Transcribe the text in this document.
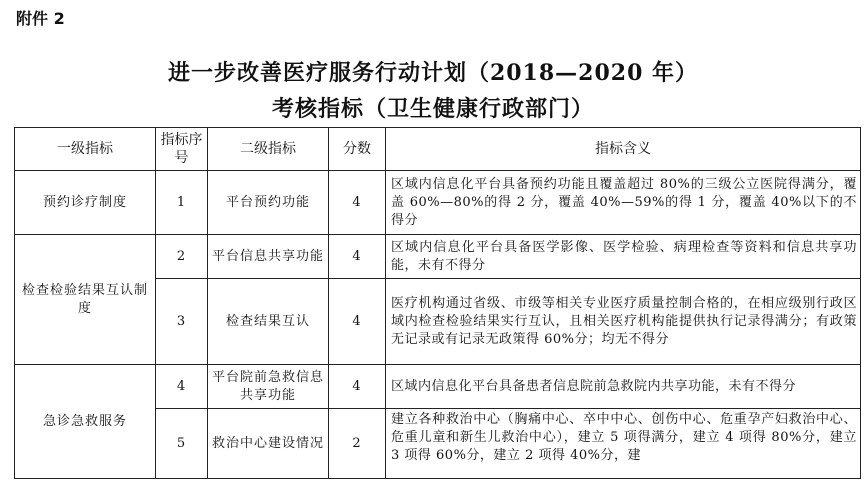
附件 2
进一步改善医疗服务行动计划（2018—2020 年）
考核指标（卫生健康行政部门）
一级指标	指标序号	二级指标	分数	指标含义
预约诊疗制度	1	平台预约功能	4	区域内信息化平台具备预约功能且覆盖超过 80%的三级公立医院得满分，覆盖 60%—80%的得 2 分，覆盖 40%—59%的得 1 分，覆盖 40%以下的不得分
检查检验结果互认制度	2	平台信息共享功能	4	区域内信息化平台具备医学影像、医学检验、病理检查等资料和信息共享功能，未有不得分
	3	检查结果互认	4	医疗机构通过省级、市级等相关专业医疗质量控制合格的，在相应级别行政区域内检查检验结果实行互认，且相关医疗机构能提供执行记录得满分；有政策无记录或有记录无政策得 60%分；均无不得分
急诊急救服务	4	平台院前急救信息共享功能	4	区域内信息化平台具备患者信息院前急救院内共享功能，未有不得分
	5	救治中心建设情况	2	建立各种救治中心（胸痛中心、卒中中心、创伤中心、危重孕产妇救治中心、危重儿童和新生儿救治中心），建立 5 项得满分，建立 4 项得 80%分，建立 3 项得 60%分，建立 2 项得 40%分，建
